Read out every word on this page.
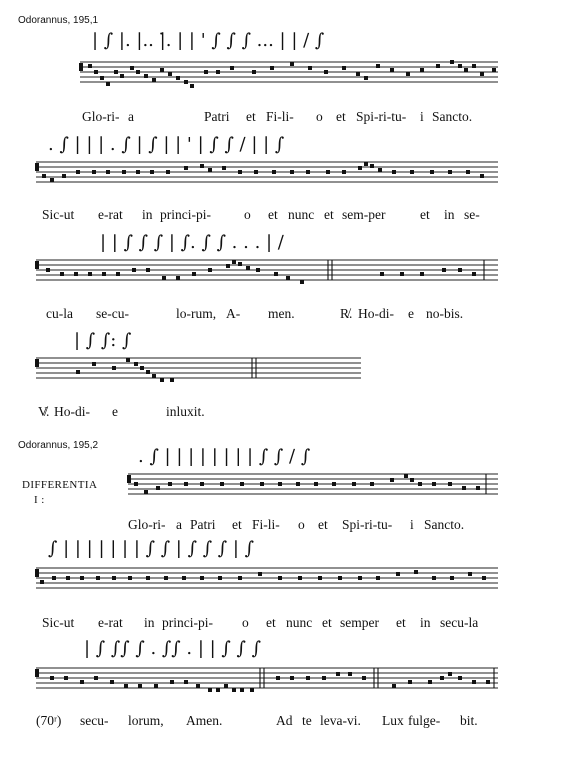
Odorannus, 195,1
| ∫ |. |.. |̇. | | ' ∫ ∫ ∫ ... | | ∕ ∫
Glo-ri- a	Patri et Fi-li- o et Spi-ri-tu- i Sancto.
. ∫ | | | . ∫ | ∫ | | ' | ∫ ∫ ∕ | | ∫
Sic-ut e-rat in princi-pi- o et nunc et sem-per	et in se-
| | ∫ ∫ ∫ | ∫. ∫ ∫ . . . | ∕
cu-la se-cu-	lo-rum, A- men.	R̸. Ho-di- e no-bis.
| ∫ ∫: ∫
V̸. Ho-di- e	inluxit.
Odorannus, 195,2
DIFFERENTIA
I :
. ∫ | | | | | | | | ∫ ∫ ∕ ∫
Glo-ri- a Patri et Fi-li- o et Spi-ri-tu- i Sancto.
∫ | | | | | | | ∫ ∫ | ∫ ∫ ∫ | ∫
Sic-ut e-rat in princi-pi- o et nunc et semper et in secu-la
| ∫ ∫∫ ∫ . ∫∫ . | | ∫ ∫ ∫
(70ʳ) secu- lorum, Amen.	Ad te leva-vi. Lux fulge- bit.
